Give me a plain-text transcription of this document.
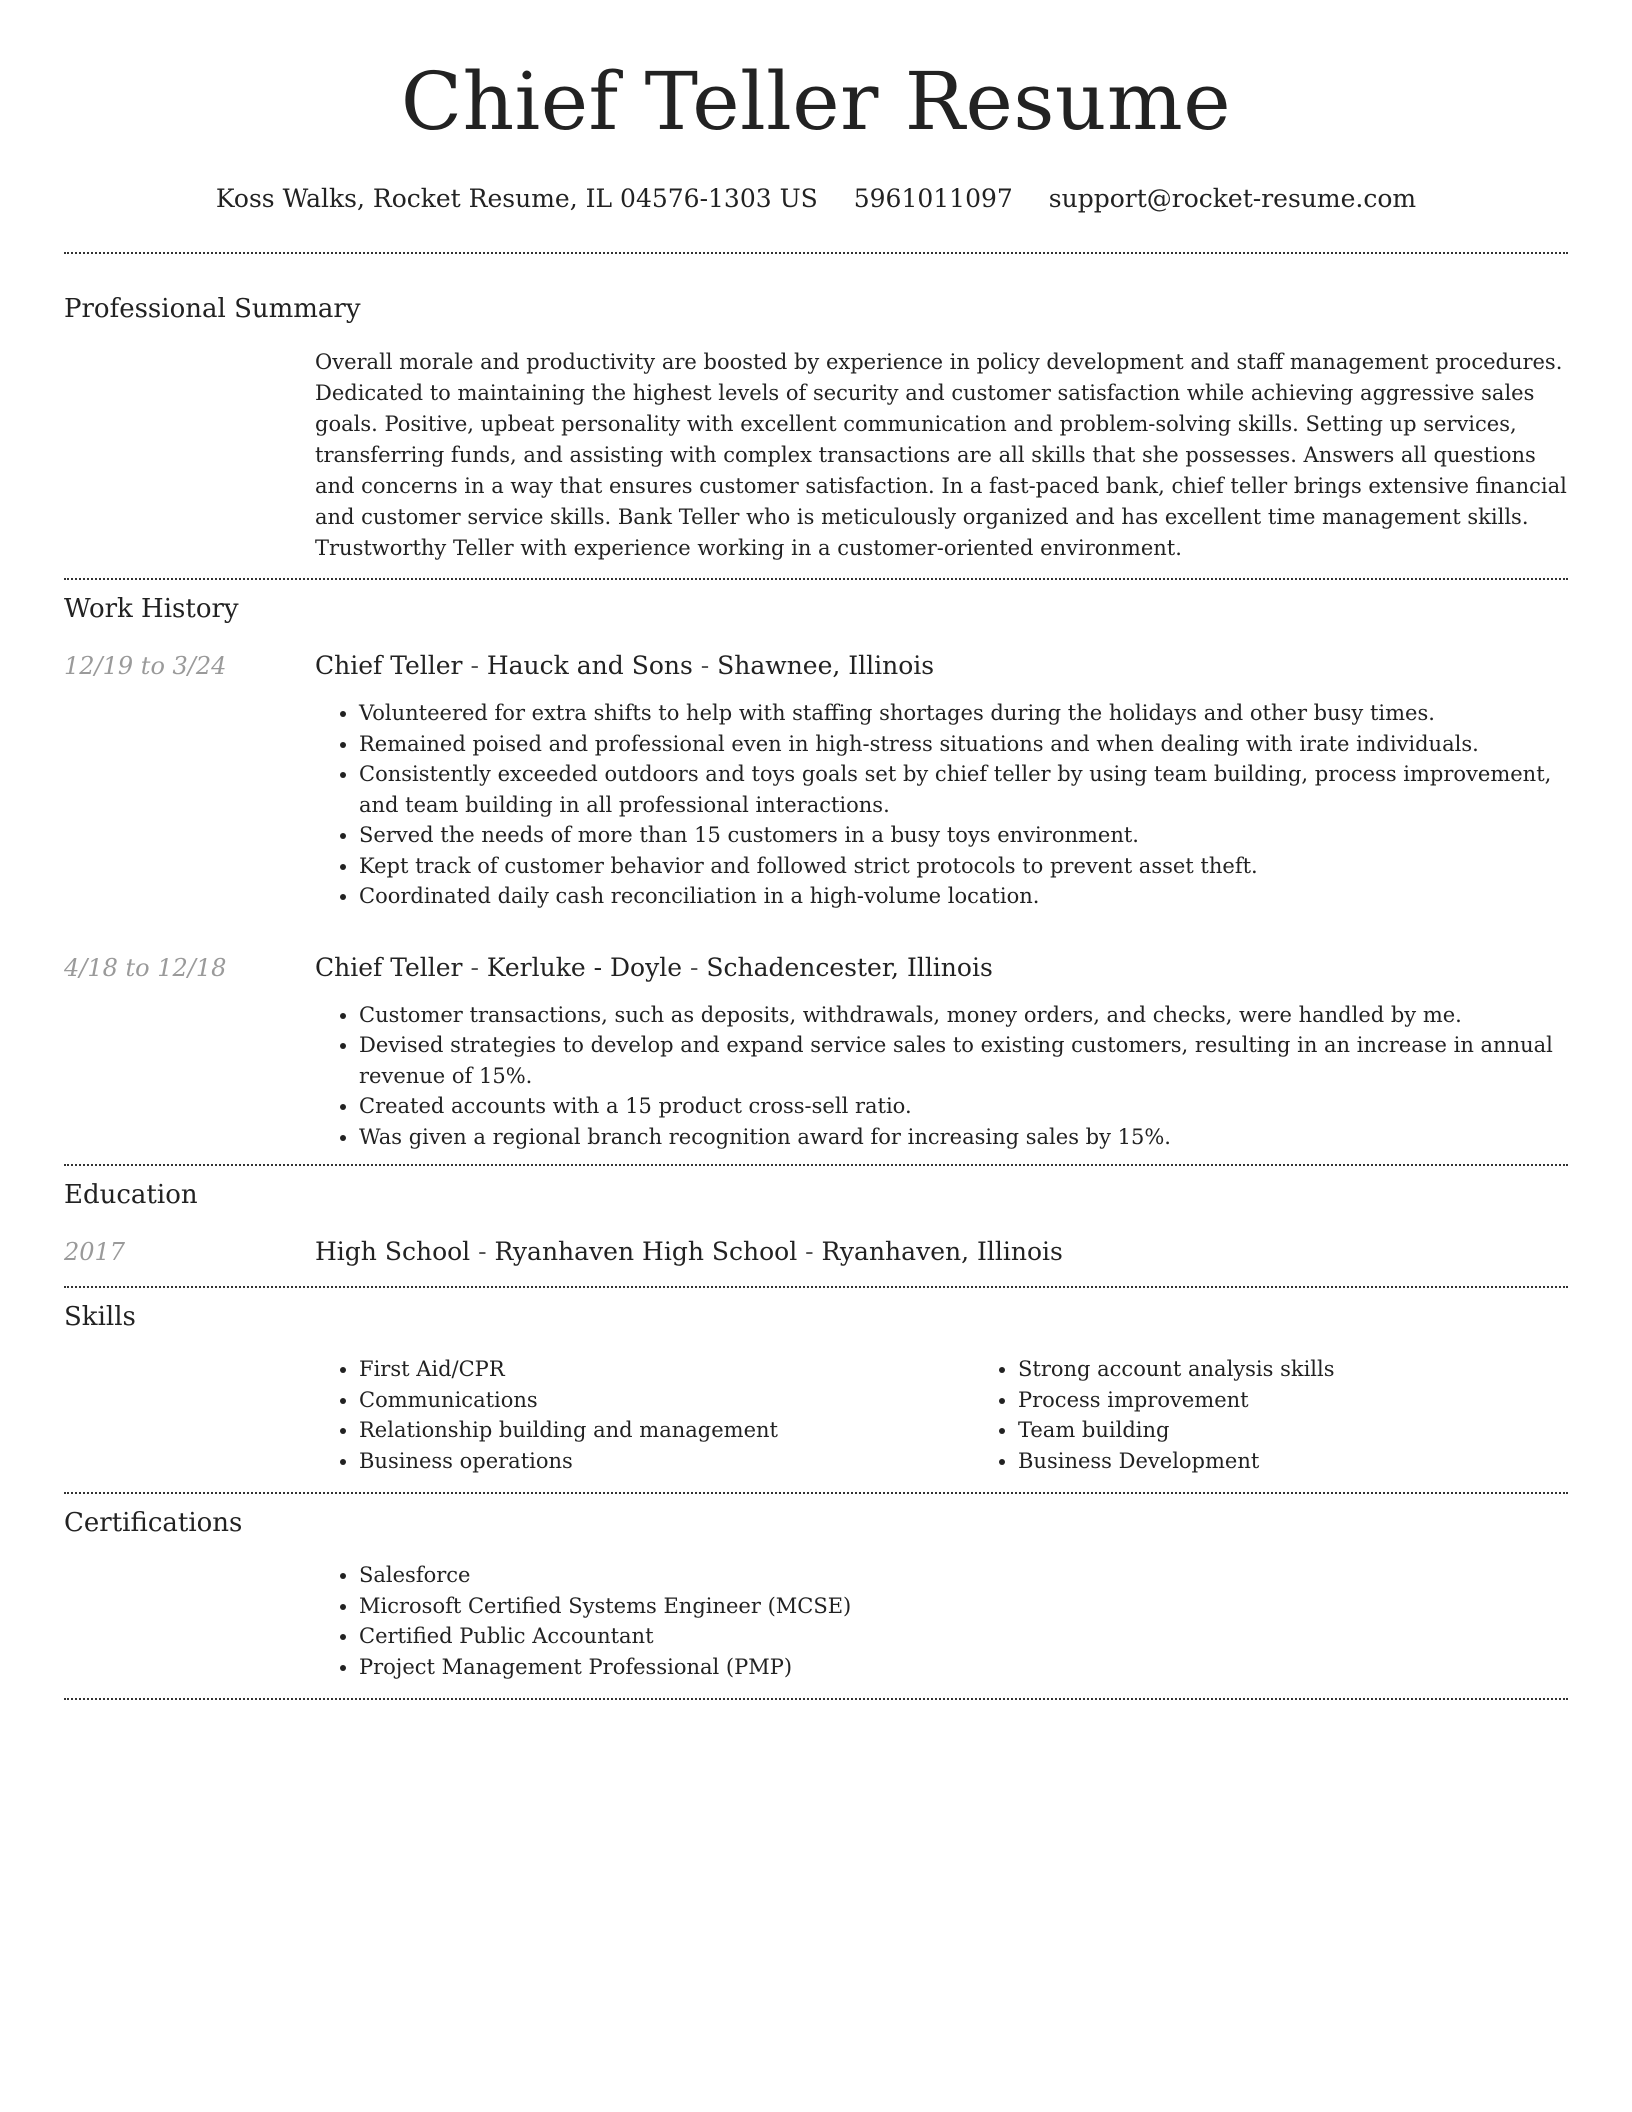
Chief Teller Resume
Koss Walks, Rocket Resume, IL 04576-1303 US 5961011097 support@rocket-resume.com
Professional Summary

Overall morale and productivity are boosted by experience in policy development and staff management procedures. Dedicated to maintaining the highest levels of security and customer satisfaction while achieving aggressive sales goals. Positive, upbeat personality with excellent communication and problem-solving skills. Setting up services, transferring funds, and assisting with complex transactions are all skills that she possesses. Answers all questions and concerns in a way that ensures customer satisfaction. In a fast-paced bank, chief teller brings extensive financial and customer service skills. Bank Teller who is meticulously organized and has excellent time management skills. Trustworthy Teller with experience working in a customer-oriented environment.

Work History
12/19 to 3/24	Chief Teller - Hauck and Sons - Shawnee, Illinois
• Volunteered for extra shifts to help with staffing shortages during the holidays and other busy times.
• Remained poised and professional even in high-stress situations and when dealing with irate individuals.
• Consistently exceeded outdoors and toys goals set by chief teller by using team building, process improvement, and team building in all professional interactions.
• Served the needs of more than 15 customers in a busy toys environment.
• Kept track of customer behavior and followed strict protocols to prevent asset theft.
• Coordinated daily cash reconciliation in a high-volume location.
4/18 to 12/18	Chief Teller - Kerluke - Doyle - Schadencester, Illinois
• Customer transactions, such as deposits, withdrawals, money orders, and checks, were handled by me.
• Devised strategies to develop and expand service sales to existing customers, resulting in an increase in annual revenue of 15%.
• Created accounts with a 15 product cross-sell ratio.
• Was given a regional branch recognition award for increasing sales by 15%.
Education
2017	High School - Ryanhaven High School - Ryanhaven, Illinois
Skills
• First Aid/CPR
• Communications
• Relationship building and management
• Business operations
• Strong account analysis skills
• Process improvement
• Team building
• Business Development
Certifications
• Salesforce
• Microsoft Certified Systems Engineer (MCSE)
• Certified Public Accountant
• Project Management Professional (PMP)
